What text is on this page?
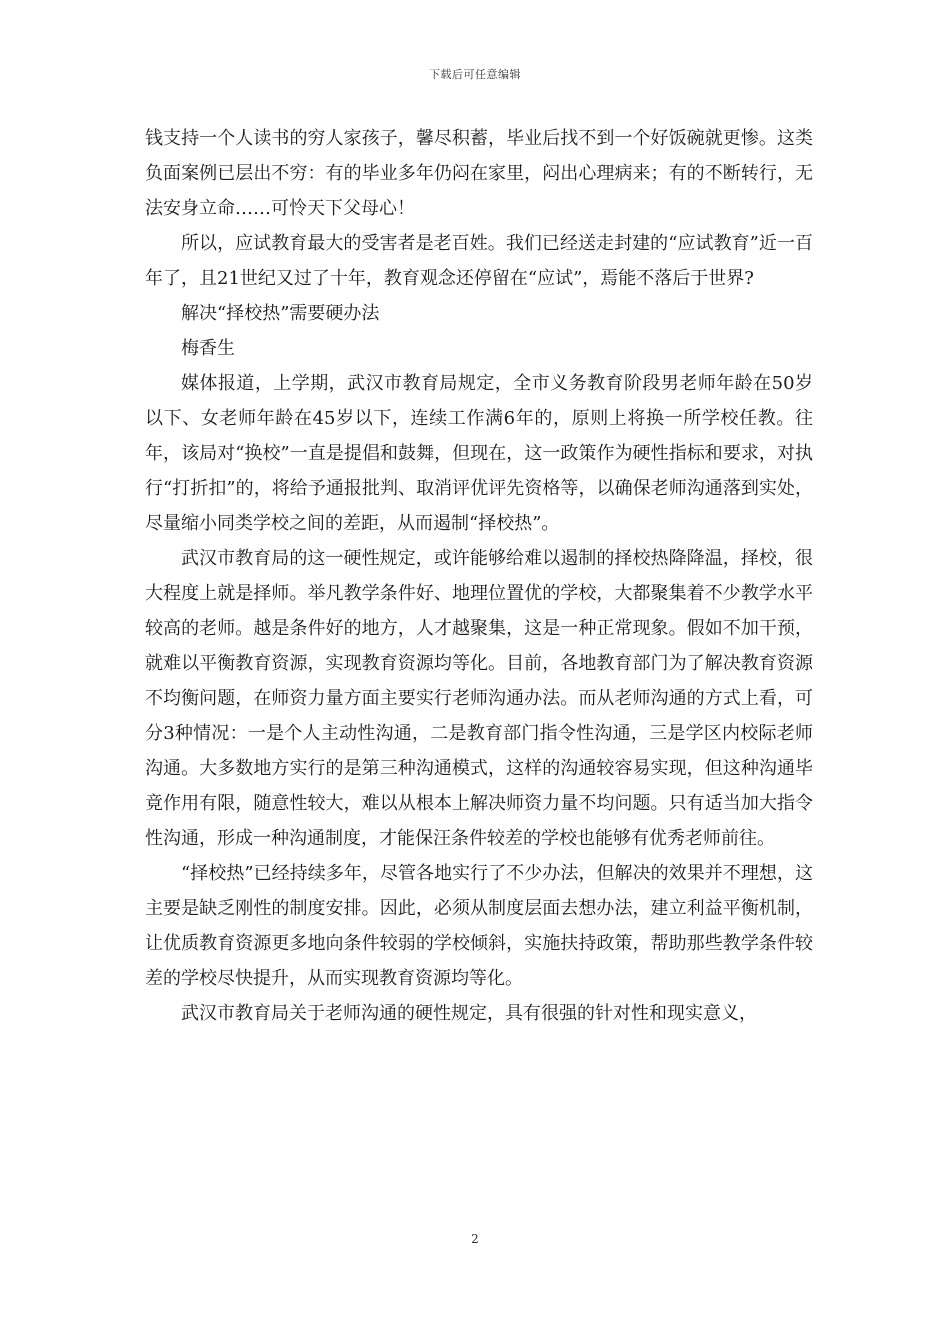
下载后可任意编辑

钱支持一个人读书的穷人家孩子，馨尽积蓄，毕业后找不到一个好饭碗就更惨。这类负面案例已层出不穷：有的毕业多年仍闷在家里，闷出心理病来；有的不断转行，无法安身立命……可怜天下父母心！

所以，应试教育最大的受害者是老百姓。我们已经送走封建的“应试教育”近一百年了，且21世纪又过了十年，教育观念还停留在“应试”，焉能不落后于世界?

解决“择校热”需要硬办法

梅香生

媒体报道，上学期，武汉市教育局规定，全市义务教育阶段男老师年龄在50岁以下、女老师年龄在45岁以下，连续工作满6年的，原则上将换一所学校任教。往年，该局对“换校”一直是提倡和鼓舞，但现在，这一政策作为硬性指标和要求，对执行“打折扣”的，将给予通报批判、取消评优评先资格等，以确保老师沟通落到实处，尽量缩小同类学校之间的差距，从而遏制“择校热”。

武汉市教育局的这一硬性规定，或许能够给难以遏制的择校热降降温，择校，很大程度上就是择师。举凡教学条件好、地理位置优的学校，大都聚集着不少教学水平较高的老师。越是条件好的地方，人才越聚集，这是一种正常现象。假如不加干预，就难以平衡教育资源，实现教育资源均等化。目前，各地教育部门为了解决教育资源不均衡问题，在师资力量方面主要实行老师沟通办法。而从老师沟通的方式上看，可分3种情况：一是个人主动性沟通，二是教育部门指令性沟通，三是学区内校际老师沟通。大多数地方实行的是第三种沟通模式，这样的沟通较容易实现，但这种沟通毕竟作用有限，随意性较大，难以从根本上解决师资力量不均问题。只有适当加大指令性沟通，形成一种沟通制度，才能保汪条件较差的学校也能够有优秀老师前往。

“择校热”已经持续多年，尽管各地实行了不少办法，但解决的效果并不理想，这主要是缺乏刚性的制度安排。因此，必须从制度层面去想办法，建立利益平衡机制，让优质教育资源更多地向条件较弱的学校倾斜，实施扶持政策，帮助那些教学条件较差的学校尽快提升，从而实现教育资源均等化。

武汉市教育局关于老师沟通的硬性规定，具有很强的针对性和现实意义，

2
